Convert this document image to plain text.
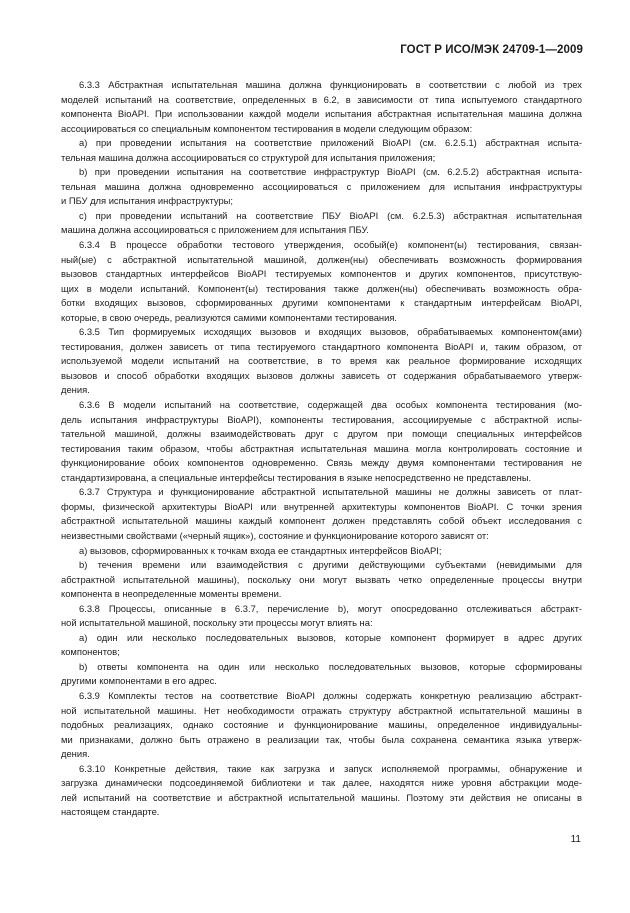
ГОСТ Р ИСО/МЭК 24709-1—2009
6.3.3 Абстрактная испытательная машина должна функционировать в соответствии с любой из трех
моделей испытаний на соответствие, определенных в 6.2, в зависимости от типа испытуемого стандартного
компонента BioAPI. При использовании каждой модели испытания абстрактная испытательная машина должна
ассоциироваться со специальным компонентом тестирования в модели следующим образом:
a) при проведении испытания на соответствие приложений BioAPI (см. 6.2.5.1) абстрактная испыта-
тельная машина должна ассоциироваться со структурой для испытания приложения;
b) при проведении испытания на соответствие инфраструктур BioAPI (см. 6.2.5.2) абстрактная испыта-
тельная машина должна одновременно ассоциироваться с приложением для испытания инфраструктуры
и ПБУ для испытания инфраструктуры;
c) при проведении испытаний на соответствие ПБУ BioAPI (см. 6.2.5.3) абстрактная испытательная
машина должна ассоциироваться с приложением для испытания ПБУ.
6.3.4 В процессе обработки тестового утверждения, особый(е) компонент(ы) тестирования, связан-
ный(ые) с абстрактной испытательной машиной, должен(ны) обеспечивать возможность формирования
вызовов стандартных интерфейсов BioAPI тестируемых компонентов и других компонентов, присутствую-
щих в модели испытаний. Компонент(ы) тестирования также должен(ны) обеспечивать возможность обра-
ботки входящих вызовов, сформированных другими компонентами к стандартным интерфейсам BioAPI,
которые, в свою очередь, реализуются самими компонентами тестирования.
6.3.5 Тип формируемых исходящих вызовов и входящих вызовов, обрабатываемых компонентом(ами)
тестирования, должен зависеть от типа тестируемого стандартного компонента BioAPI и, таким образом, от
используемой модели испытаний на соответствие, в то время как реальное формирование исходящих
вызовов и способ обработки входящих вызовов должны зависеть от содержания обрабатываемого утверж-
дения.
6.3.6 В модели испытаний на соответствие, содержащей два особых компонента тестирования (мо-
дель испытания инфраструктуры BioAPI), компоненты тестирования, ассоциируемые с абстрактной испы-
тательной машиной, должны взаимодействовать друг с другом при помощи специальных интерфейсов
тестирования таким образом, чтобы абстрактная испытательная машина могла контролировать состояние и
функционирование обоих компонентов одновременно. Связь между двумя компонентами тестирования не
стандартизирована, а специальные интерфейсы тестирования в языке непосредственно не представлены.
6.3.7 Структура и функционирование абстрактной испытательной машины не должны зависеть от плат-
формы, физической архитектуры BioAPI или внутренней архитектуры компонентов BioAPI. С точки зрения
абстрактной испытательной машины каждый компонент должен представлять собой объект исследования с
неизвестными свойствами («черный ящик»), состояние и функционирование которого зависят от:
a) вызовов, сформированных к точкам входа ее стандартных интерфейсов BioAPI;
b) течения времени или взаимодействия с другими действующими субъектами (невидимыми для
абстрактной испытательной машины), поскольку они могут вызвать четко определенные процессы внутри
компонента в неопределенные моменты времени.
6.3.8 Процессы, описанные в 6.3.7, перечисление b), могут опосредованно отслеживаться абстракт-
ной испытательной машиной, поскольку эти процессы могут влиять на:
a) один или несколько последовательных вызовов, которые компонент формирует в адрес других
компонентов;
b) ответы компонента на один или несколько последовательных вызовов, которые сформированы
другими компонентами в его адрес.
6.3.9 Комплекты тестов на соответствие BioAPI должны содержать конкретную реализацию абстракт-
ной испытательной машины. Нет необходимости отражать структуру абстрактной испытательной машины в
подобных реализациях, однако состояние и функционирование машины, определенное индивидуальны-
ми признаками, должно быть отражено в реализации так, чтобы была сохранена семантика языка утверж-
дения.
6.3.10 Конкретные действия, такие как загрузка и запуск исполняемой программы, обнаружение и
загрузка динамически подсоединяемой библиотеки и так далее, находятся ниже уровня абстракции моде-
лей испытаний на соответствие и абстрактной испытательной машины. Поэтому эти действия не описаны в
настоящем стандарте.
11
